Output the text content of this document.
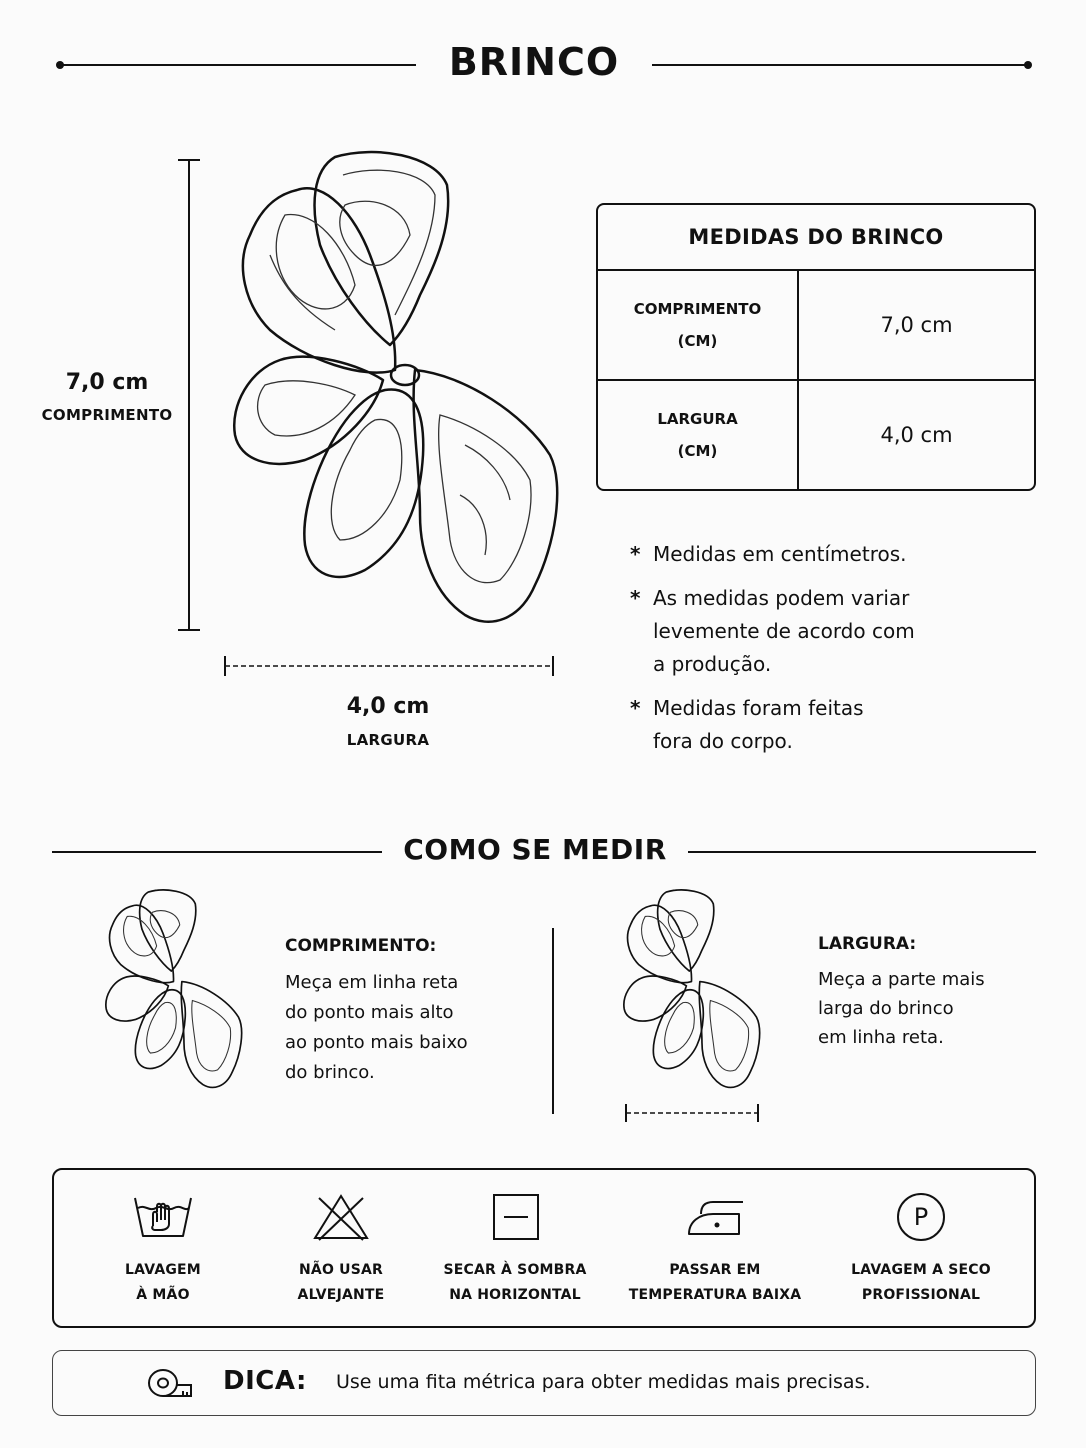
BRINCO
7,0 cm
COMPRIMENTO
4,0 cm
LARGURA
MEDIDAS DO BRINCO
COMPRIMENTO
(CM)
7,0 cm
LARGURA
(CM)
4,0 cm
* Medidas em centímetros.
* As medidas podem variar
levemente de acordo com
a produção.
* Medidas foram feitas
fora do corpo.
COMO SE MEDIR
COMPRIMENTO:
Meça em linha reta
do ponto mais alto
ao ponto mais baixo
do brinco.
LARGURA:
Meça a parte mais
larga do brinco
em linha reta.
LAVAGEM
À MÃO
NÃO USAR
ALVEJANTE
SECAR À SOMBRA
NA HORIZONTAL
PASSAR EM
TEMPERATURA BAIXA
P
LAVAGEM A SECO
PROFISSIONAL
DICA: Use uma fita métrica para obter medidas mais precisas.
